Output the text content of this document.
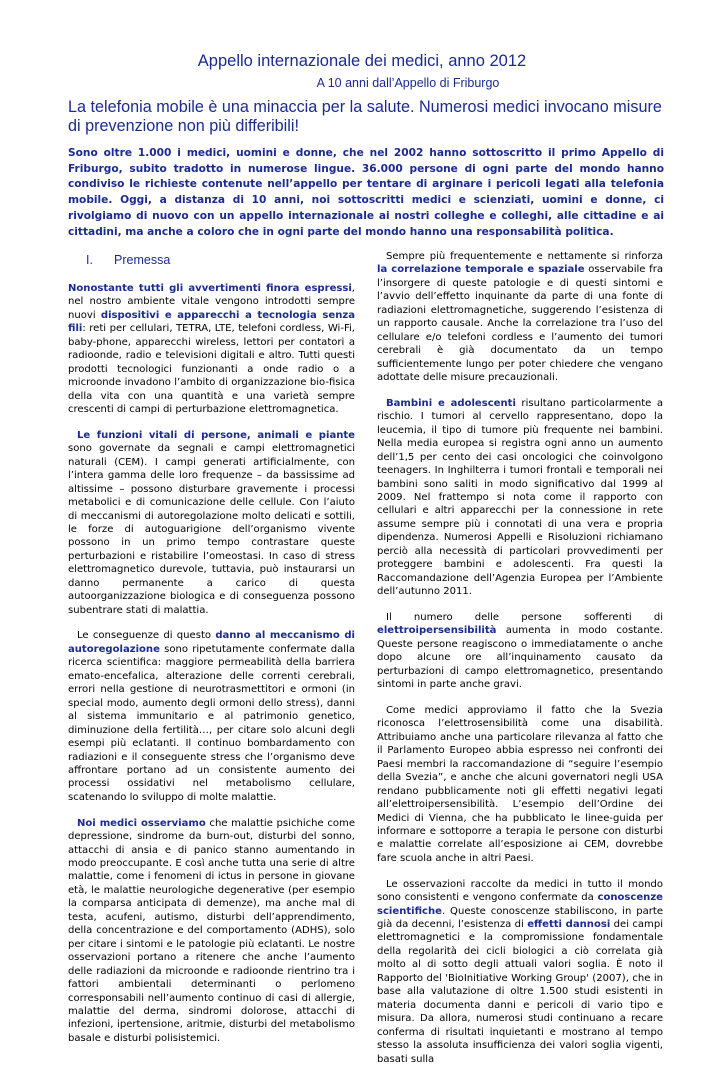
Appello internazionale dei medici, anno 2012
A 10 anni dall’Appello di Friburgo
La telefonia mobile è una minaccia per la salute. Numerosi medici invocano misure di prevenzione non più differibili!

Sono oltre 1.000 i medici, uomini e donne, che nel 2002 hanno sottoscritto il primo Appello di Friburgo, subito tradotto in numerose lingue. 36.000 persone di ogni parte del mondo hanno condiviso le richieste contenute nell’appello per tentare di arginare i pericoli legati alla telefonia mobile. Oggi, a distanza di 10 anni, noi sottoscritti medici e scienziati, uomini e donne, ci rivolgiamo di nuovo con un appello internazionale ai nostri colleghe e colleghi, alle cittadine e ai cittadini, ma anche a coloro che in ogni parte del mondo hanno una responsabilità politica.

I. Premessa

Nonostante tutti gli avvertimenti finora espressi, nel nostro ambiente vitale vengono introdotti sempre nuovi dispositivi e apparecchi a tecnologia senza fili: reti per cellulari, TETRA, LTE, telefoni cordless, Wi-Fi, baby-phone, apparecchi wireless, lettori per contatori a radioonde, radio e televisioni digitali e altro. Tutti questi prodotti tecnologici funzionanti a onde radio o a microonde invadono l’ambito di organizzazione bio-fisica della vita con una quantità e una varietà sempre crescenti di campi di perturbazione elettromagnetica.

Le funzioni vitali di persone, animali e piante sono governate da segnali e campi elettromagnetici naturali (CEM). I campi generati artificialmente, con l’intera gamma delle loro frequenze – da bassissime ad altissime – possono disturbare gravemente i processi metabolici e di comunicazione delle cellule. Con l’aiuto di meccanismi di autoregolazione molto delicati e sottili, le forze di autoguarigione dell’organismo vivente possono in un primo tempo contrastare queste perturbazioni e ristabilire l’omeostasi. In caso di stress elettromagnetico durevole, tuttavia, può instaurarsi un danno permanente a carico di questa autoorganizzazione biologica e di conseguenza possono subentrare stati di malattia.

Le conseguenze di questo danno al meccanismo di autoregolazione sono ripetutamente confermate dalla ricerca scientifica: maggiore permeabilità della barriera emato-encefalica, alterazione delle correnti cerebrali, errori nella gestione di neurotrasmettitori e ormoni (in special modo, aumento degli ormoni dello stress), danni al sistema immunitario e al patrimonio genetico, diminuzione della fertilità…, per citare solo alcuni degli esempi più eclatanti. Il continuo bombardamento con radiazioni e il conseguente stress che l’organismo deve affrontare portano ad un consistente aumento dei processi ossidativi nel metabolismo cellulare, scatenando lo sviluppo di molte malattie.

Noi medici osserviamo che malattie psichiche come depressione, sindrome da burn-out, disturbi del sonno, attacchi di ansia e di panico stanno aumentando in modo preoccupante. E così anche tutta una serie di altre malattie, come i fenomeni di ictus in persone in giovane età, le malattie neurologiche degenerative (per esempio la comparsa anticipata di demenze), ma anche mal di testa, acufeni, autismo, disturbi dell’apprendimento, della concentrazione e del comportamento (ADHS), solo per citare i sintomi e le patologie più eclatanti. Le nostre osservazioni portano a ritenere che anche l’aumento delle radiazioni da microonde e radioonde rientrino tra i fattori ambientali determinanti o perlomeno corresponsabili nell’aumento continuo di casi di allergie, malattie del derma, sindromi dolorose, attacchi di infezioni, ipertensione, aritmie, disturbi del metabolismo basale e disturbi polisistemici.

Sempre più frequentemente e nettamente si rinforza la correlazione temporale e spaziale osservabile fra l’insorgere di queste patologie e di questi sintomi e l’avvio dell’effetto inquinante da parte di una fonte di radiazioni elettromagnetiche, suggerendo l’esistenza di un rapporto causale. Anche la correlazione tra l’uso del cellulare e/o telefoni cordless e l’aumento dei tumori cerebrali è già documentato da un tempo sufficientemente lungo per poter chiedere che vengano adottate delle misure precauzionali.

Bambini e adolescenti risultano particolarmente a rischio. I tumori al cervello rappresentano, dopo la leucemia, il tipo di tumore più frequente nei bambini. Nella media europea si registra ogni anno un aumento dell’1,5 per cento dei casi oncologici che coinvolgono teenagers. In Inghilterra i tumori frontali e temporali nei bambini sono saliti in modo significativo dal 1999 al 2009. Nel frattempo si nota come il rapporto con cellulari e altri apparecchi per la connessione in rete assume sempre più i connotati di una vera e propria dipendenza. Numerosi Appelli e Risoluzioni richiamano perciò alla necessità di particolari provvedimenti per proteggere bambini e adolescenti. Fra questi la Raccomandazione dell’Agenzia Europea per l’Ambiente dell’autunno 2011.

Il numero delle persone sofferenti di elettroipersensibilità aumenta in modo costante. Queste persone reagiscono o immediatamente o anche dopo alcune ore all’inquinamento causato da perturbazioni di campo elettromagnetico, presentando sintomi in parte anche gravi.

Come medici approviamo il fatto che la Svezia riconosca l’elettrosensibilità come una disabilità. Attribuiamo anche una particolare rilevanza al fatto che il Parlamento Europeo abbia espresso nei confronti dei Paesi membri la raccomandazione di “seguire l’esempio della Svezia”, e anche che alcuni governatori negli USA rendano pubblicamente noti gli effetti negativi legati all’elettroipersensibilità. L’esempio dell’Ordine dei Medici di Vienna, che ha pubblicato le linee-guida per informare e sottoporre a terapia le persone con disturbi e malattie correlate all’esposizione ai CEM, dovrebbe fare scuola anche in altri Paesi.

Le osservazioni raccolte da medici in tutto il mondo sono consistenti e vengono confermate da conoscenze scientifiche. Queste conoscenze stabiliscono, in parte già da decenni, l’esistenza di effetti dannosi dei campi elettromagnetici e la compromissione fondamentale della regolarità dei cicli biologici a ciò correlata già molto al di sotto degli attuali valori soglia. È noto il Rapporto del 'BioInitiative Working Group' (2007), che in base alla valutazione di oltre 1.500 studi esistenti in materia documenta danni e pericoli di vario tipo e misura. Da allora, numerosi studi continuano a recare conferma di risultati inquietanti e mostrano al tempo stesso la assoluta insufficienza dei valori soglia vigenti, basati sulla
